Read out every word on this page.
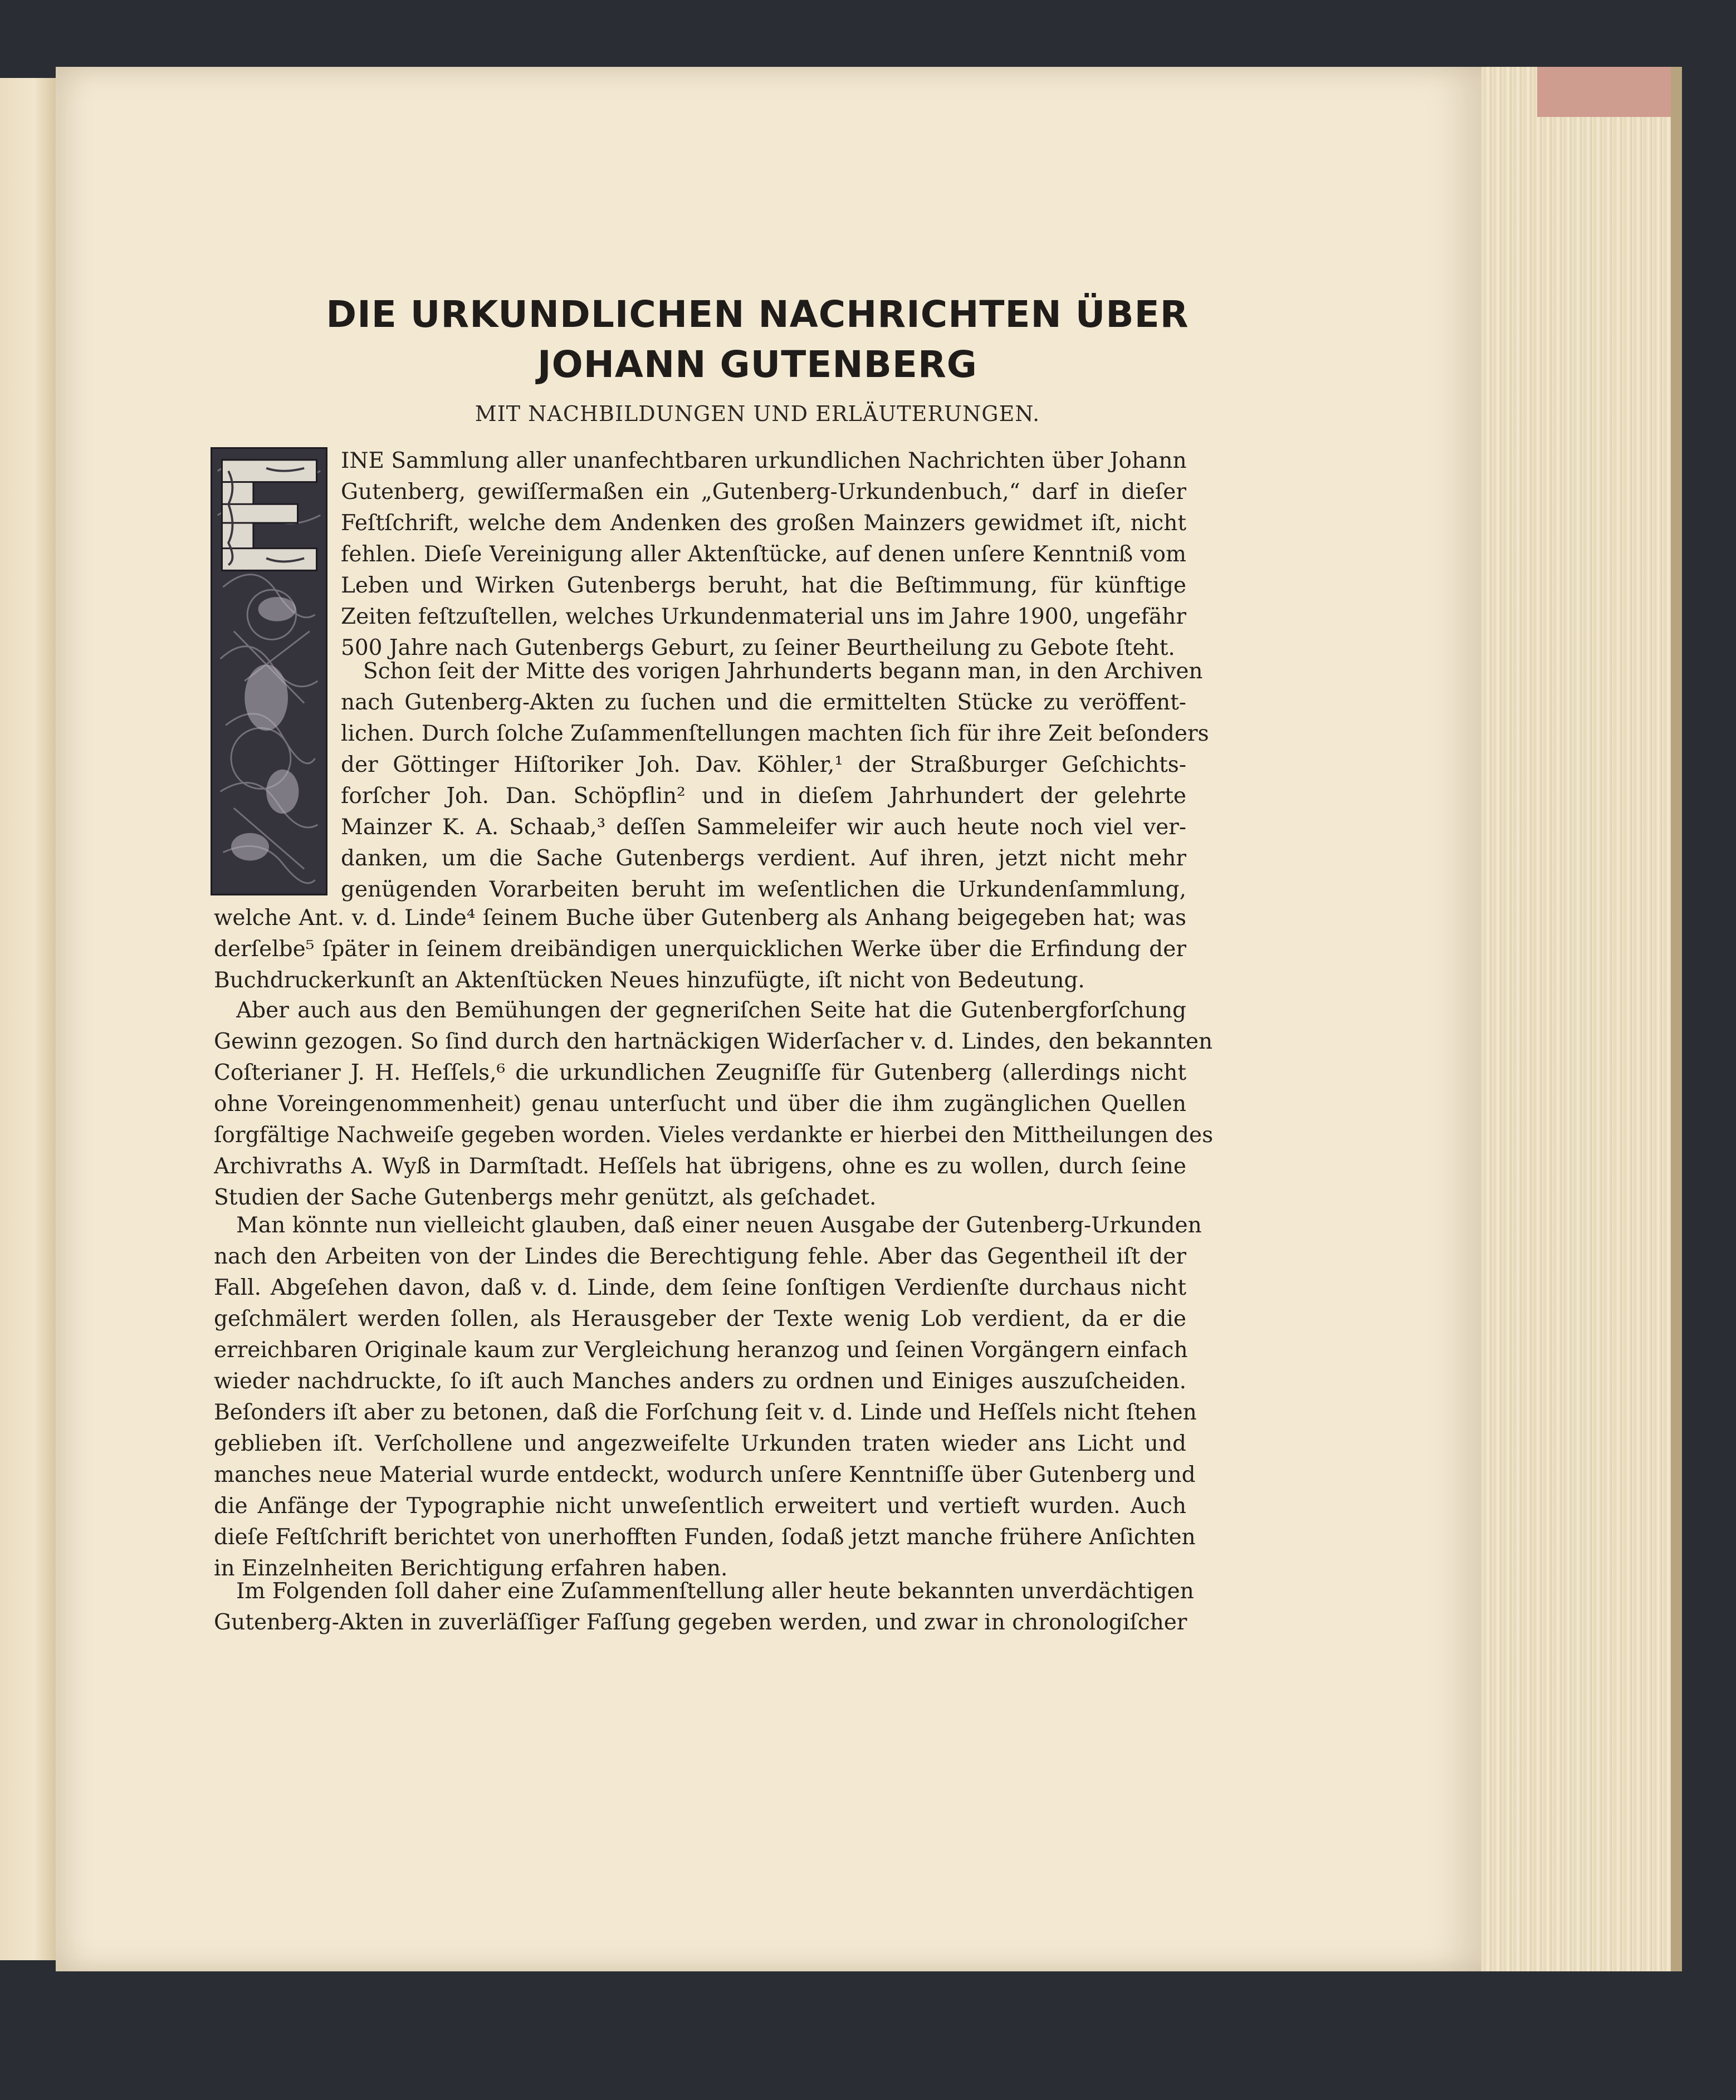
DIE URKUNDLICHEN NACHRICHTEN ÜBER
JOHANN GUTENBERG

MIT NACHBILDUNGEN UND ERLÄUTERUNGEN.

INE Sammlung aller unanfechtbaren urkundlichen Nachrichten über Johann
Gutenberg, gewiſſermaßen ein „Gutenberg-Urkundenbuch,“ darf in dieſer
Feſtſchrift, welche dem Andenken des großen Mainzers gewidmet iſt, nicht
fehlen. Dieſe Vereinigung aller Aktenſtücke, auf denen unſere Kenntniß vom
Leben und Wirken Gutenbergs beruht, hat die Beſtimmung, für künftige
Zeiten feſtzuſtellen, welches Urkundenmaterial uns im Jahre 1900, ungefähr
500 Jahre nach Gutenbergs Geburt, zu ſeiner Beurtheilung zu Gebote ſteht.
Schon ſeit der Mitte des vorigen Jahrhunderts begann man, in den Archiven
nach Gutenberg-Akten zu ſuchen und die ermittelten Stücke zu veröffent-
lichen. Durch ſolche Zuſammenſtellungen machten ſich für ihre Zeit beſonders
der Göttinger Hiſtoriker Joh. Dav. Köhler,¹ der Straßburger Geſchichts-
forſcher Joh. Dan. Schöpflin² und in dieſem Jahrhundert der gelehrte
Mainzer K. A. Schaab,³ deſſen Sammeleifer wir auch heute noch viel ver-
danken, um die Sache Gutenbergs verdient. Auf ihren, jetzt nicht mehr
genügenden Vorarbeiten beruht im weſentlichen die Urkundenſammlung,
welche Ant. v. d. Linde⁴ ſeinem Buche über Gutenberg als Anhang beigegeben hat; was
derſelbe⁵ ſpäter in ſeinem dreibändigen unerquicklichen Werke über die Erfindung der
Buchdruckerkunſt an Aktenſtücken Neues hinzufügte, iſt nicht von Bedeutung.
Aber auch aus den Bemühungen der gegneriſchen Seite hat die Gutenbergforſchung
Gewinn gezogen. So ſind durch den hartnäckigen Widerſacher v. d. Lindes, den bekannten
Coſterianer J. H. Heſſels,⁶ die urkundlichen Zeugniſſe für Gutenberg (allerdings nicht
ohne Voreingenommenheit) genau unterſucht und über die ihm zugänglichen Quellen
ſorgfältige Nachweiſe gegeben worden. Vieles verdankte er hierbei den Mittheilungen des
Archivraths A. Wyß in Darmſtadt. Heſſels hat übrigens, ohne es zu wollen, durch ſeine
Studien der Sache Gutenbergs mehr genützt, als geſchadet.
Man könnte nun vielleicht glauben, daß einer neuen Ausgabe der Gutenberg-Urkunden
nach den Arbeiten von der Lindes die Berechtigung fehle. Aber das Gegentheil iſt der
Fall. Abgeſehen davon, daß v. d. Linde, dem ſeine ſonſtigen Verdienſte durchaus nicht
geſchmälert werden ſollen, als Herausgeber der Texte wenig Lob verdient, da er die
erreichbaren Originale kaum zur Vergleichung heranzog und ſeinen Vorgängern einfach
wieder nachdruckte, ſo iſt auch Manches anders zu ordnen und Einiges auszuſcheiden.
Beſonders iſt aber zu betonen, daß die Forſchung ſeit v. d. Linde und Heſſels nicht ſtehen
geblieben iſt. Verſchollene und angezweifelte Urkunden traten wieder ans Licht und
manches neue Material wurde entdeckt, wodurch unſere Kenntniſſe über Gutenberg und
die Anfänge der Typographie nicht unweſentlich erweitert und vertieft wurden. Auch
dieſe Feſtſchrift berichtet von unerhofften Funden, ſodaß jetzt manche frühere Anſichten
in Einzelnheiten Berichtigung erfahren haben.
Im Folgenden ſoll daher eine Zuſammenſtellung aller heute bekannten unverdächtigen
Gutenberg-Akten in zuverläſſiger Faſſung gegeben werden, und zwar in chronologiſcher
